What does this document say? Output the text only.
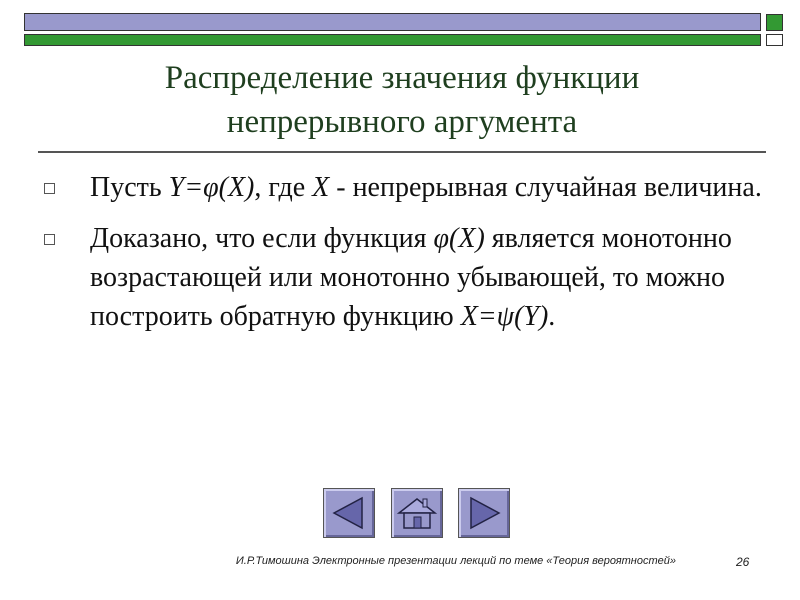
Распределение значения функции
непрерывного аргумента
Пусть Y=φ(X), где X - непрерывная случайная величина.
Доказано, что если функция φ(X) является монотонно возрастающей или монотонно убывающей, то можно построить обратную функцию X=ψ(Y).
И.Р.Тимошина Электронные презентации лекций по теме «Теория вероятностей»	26
